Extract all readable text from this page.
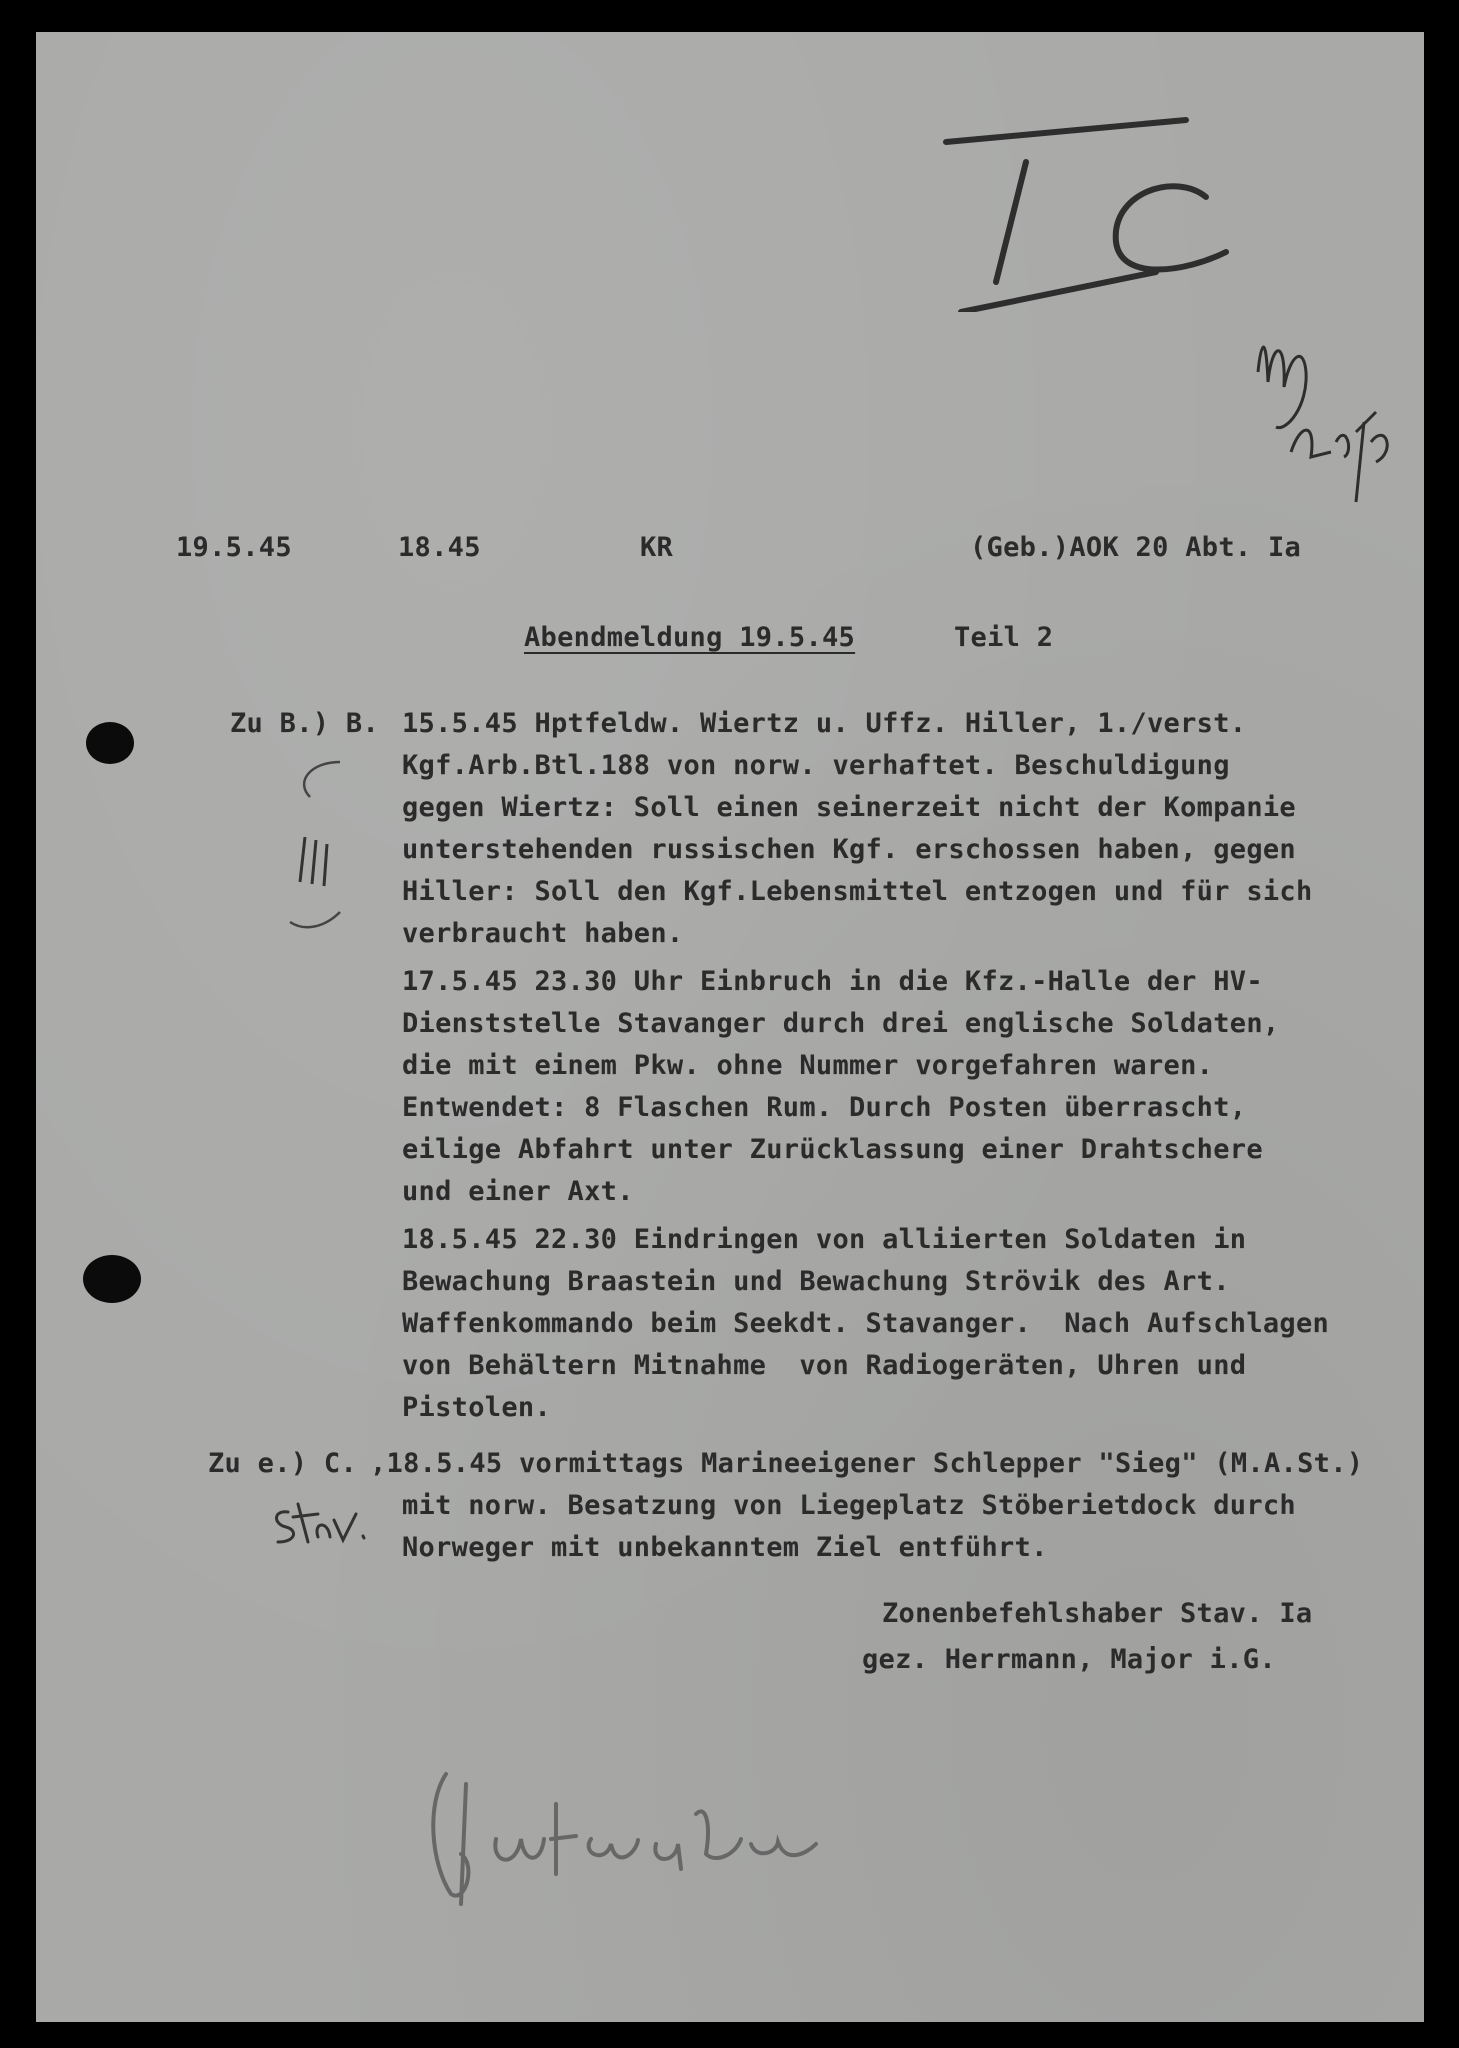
19.5.45	18.45	KR	(Geb.)AOK 20 Abt. Ia
Abendmeldung 19.5.45	Teil 2
Zu B.) B. 15.5.45 Hptfeldw. Wiertz u. Uffz. Hiller, 1./verst.
Kgf.Arb.Btl.188 von norw. verhaftet. Beschuldigung
gegen Wiertz: Soll einen seinerzeit nicht der Kompanie
unterstehenden russischen Kgf. erschossen haben, gegen
Hiller: Soll den Kgf.Lebensmittel entzogen und für sich
verbraucht haben.
17.5.45 23.30 Uhr Einbruch in die Kfz.-Halle der HV-
Dienststelle Stavanger durch drei englische Soldaten,
die mit einem Pkw. ohne Nummer vorgefahren waren.
Entwendet: 8 Flaschen Rum. Durch Posten überrascht,
eilige Abfahrt unter Zurücklassung einer Drahtschere
und einer Axt.
18.5.45 22.30 Eindringen von alliierten Soldaten in
Bewachung Braastein und Bewachung Strövik des Art.
Waffenkommando beim Seekdt. Stavanger.  Nach Aufschlagen
von Behältern Mitnahme  von Radiogeräten, Uhren und
Pistolen.
Zu e.) C. ,18.5.45 vormittags Marineeigener Schlepper "Sieg" (M.A.St.)
mit norw. Besatzung von Liegeplatz Stöberietdock durch
Norweger mit unbekanntem Ziel entführt.
Zonenbefehlshaber Stav. Ia
gez. Herrmann, Major i.G.
